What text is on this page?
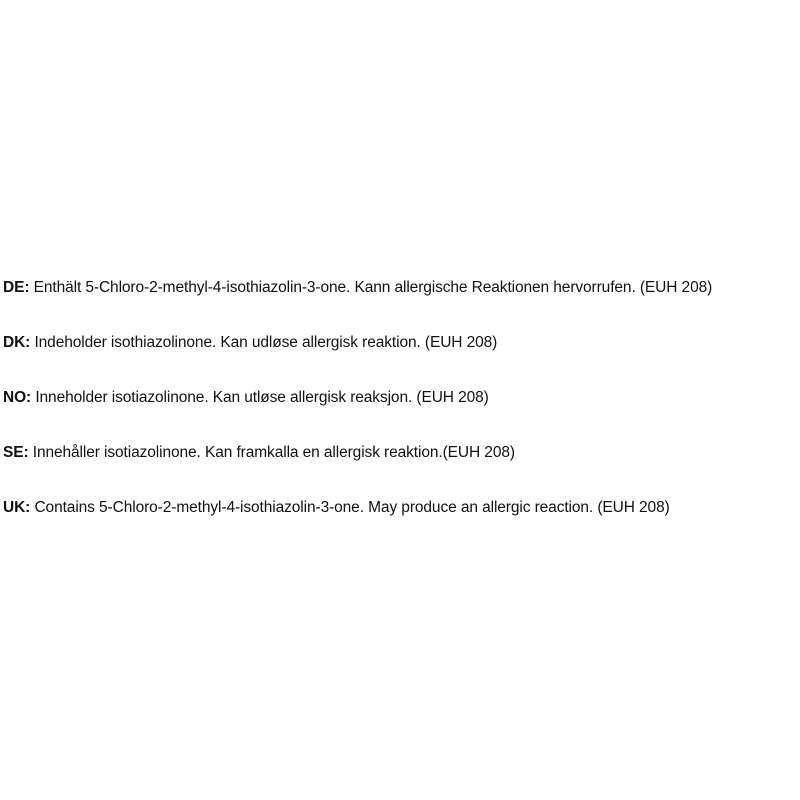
DE: Enthält 5-Chloro-2-methyl-4-isothiazolin-3-one. Kann allergische Reaktionen hervorrufen. (EUH 208)
DK: Indeholder isothiazolinone. Kan udløse allergisk reaktion. (EUH 208)
NO: Inneholder isotiazolinone. Kan utløse allergisk reaksjon. (EUH 208)
SE: Innehåller isotiazolinone. Kan framkalla en allergisk reaktion.(EUH 208)
UK: Contains 5-Chloro-2-methyl-4-isothiazolin-3-one. May produce an allergic reaction. (EUH 208)
